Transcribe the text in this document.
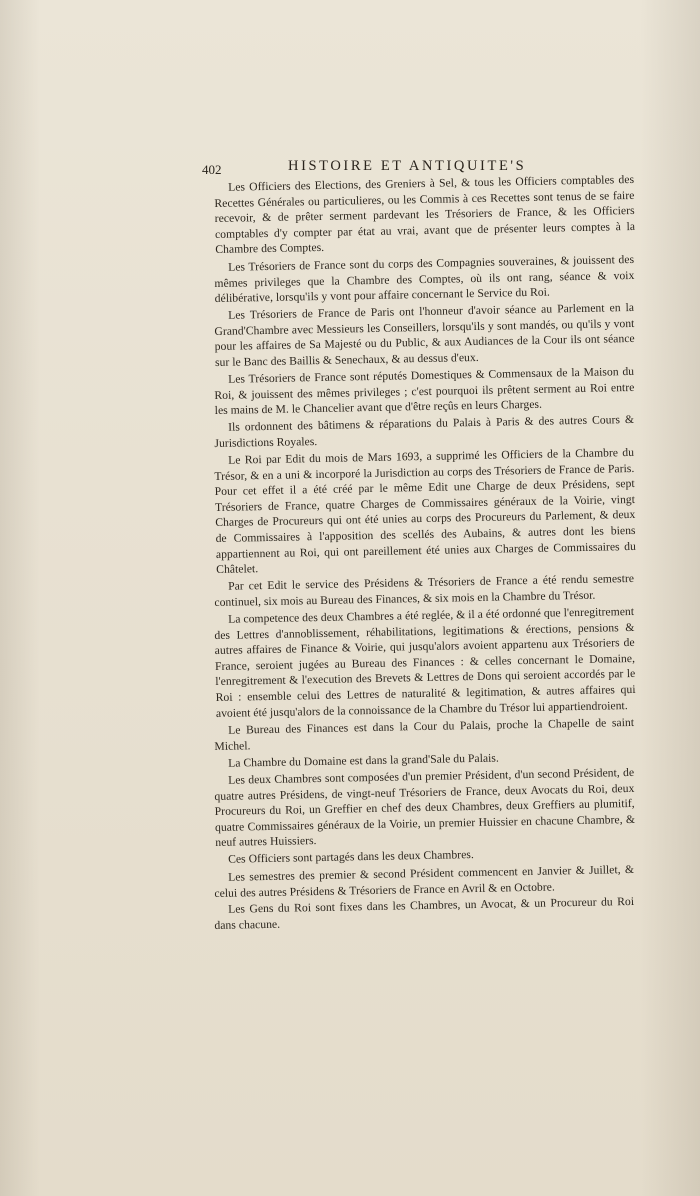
402	HISTOIRE ET ANTIQUITE'S

Les Officiers des Elections, des Greniers à Sel, & tous les Officiers comptables des Recettes Générales ou particulieres, ou les Commis à ces Recettes sont tenus de se faire recevoir, & de prêter serment pardevant les Trésoriers de France, & les Officiers comptables d'y compter par état au vrai, avant que de présenter leurs comptes à la Chambre des Comptes.

Les Trésoriers de France sont du corps des Compagnies souveraines, & jouissent des mêmes privileges que la Chambre des Comptes, où ils ont rang, séance & voix délibérative, lorsqu'ils y vont pour affaire concernant le Service du Roi.

Les Trésoriers de France de Paris ont l'honneur d'avoir séance au Parlement en la Grand'Chambre avec Messieurs les Conseillers, lorsqu'ils y sont mandés, ou qu'ils y vont pour les affaires de Sa Majesté ou du Public, & aux Audiances de la Cour ils ont séance sur le Banc des Baillis & Senechaux, & au dessus d'eux.

Les Trésoriers de France sont réputés Domestiques & Commensaux de la Maison du Roi, & jouissent des mêmes privileges ; c'est pourquoi ils prêtent serment au Roi entre les mains de M. le Chancelier avant que d'être reçûs en leurs Charges.

Ils ordonnent des bâtimens & réparations du Palais à Paris & des autres Cours & Jurisdictions Royales.

Le Roi par Edit du mois de Mars 1693, a supprimé les Officiers de la Chambre du Trésor, & en a uni & incorporé la Jurisdiction au corps des Trésoriers de France de Paris. Pour cet effet il a été créé par le même Edit une Charge de deux Présidens, sept Trésoriers de France, quatre Charges de Commissaires généraux de la Voirie, vingt Charges de Procureurs qui ont été unies au corps des Procureurs du Parlement, & deux de Commissaires à l'apposition des scellés des Aubains, & autres dont les biens appartiennent au Roi, qui ont pareillement été unies aux Charges de Commissaires du Châtelet.

Par cet Edit le service des Présidens & Trésoriers de France a été rendu semestre continuel, six mois au Bureau des Finances, & six mois en la Chambre du Trésor.

La competence des deux Chambres a été reglée, & il a été ordonné que l'enregitrement des Lettres d'annoblissement, réhabilitations, legitimations & érections, pensions & autres affaires de Finance & Voirie, qui jusqu'alors avoient appartenu aux Trésoriers de France, seroient jugées au Bureau des Finances : & celles concernant le Domaine, l'enregitrement & l'execution des Brevets & Lettres de Dons qui seroient accordés par le Roi : ensemble celui des Lettres de naturalité & legitimation, & autres affaires qui avoient été jusqu'alors de la connoissance de la Chambre du Trésor lui appartiendroient.

Le Bureau des Finances est dans la Cour du Palais, proche la Chapelle de saint Michel.

La Chambre du Domaine est dans la grand'Sale du Palais.

Les deux Chambres sont composées d'un premier Président, d'un second Président, de quatre autres Présidens, de vingt-neuf Trésoriers de France, deux Avocats du Roi, deux Procureurs du Roi, un Greffier en chef des deux Chambres, deux Greffiers au plumitif, quatre Commissaires généraux de la Voirie, un premier Huissier en chacune Chambre, & neuf autres Huissiers.

Ces Officiers sont partagés dans les deux Chambres.

Les semestres des premier & second Président commencent en Janvier & Juillet, & celui des autres Présidens & Trésoriers de France en Avril & en Octobre.

Les Gens du Roi sont fixes dans les Chambres, un Avocat, & un Procureur du Roi dans chacune.
